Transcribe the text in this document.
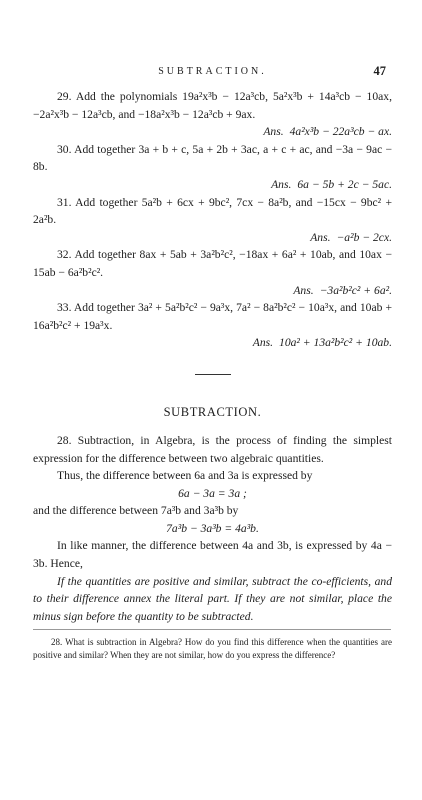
SUBTRACTION.	47

29. Add the polynomials 19a²x³b − 12a³cb, 5a²x³b + 14a³cb − 10ax, −2a²x³b − 12a³cb, and −18a²x³b − 12a³cb + 9ax.
Ans. 4a²x³b − 22a³cb − ax.

30. Add together 3a + b + c, 5a + 2b + 3ac, a + c + ac, and −3a − 9ac − 8b.
Ans. 6a − 5b + 2c − 5ac.

31. Add together 5a²b + 6cx + 9bc², 7cx − 8a²b, and −15cx − 9bc² + 2a²b.
Ans. −a²b − 2cx.

32. Add together 8ax + 5ab + 3a²b²c², −18ax + 6a² + 10ab, and 10ax − 15ab − 6a²b²c².
Ans. −3a²b²c² + 6a².

33. Add together 3a² + 5a²b²c² − 9a³x, 7a² − 8a²b²c² − 10a³x, and 10ab + 16a²b²c² + 19a³x.
Ans. 10a² + 13a²b²c² + 10ab.

SUBTRACTION.

28. Subtraction, in Algebra, is the process of finding the simplest expression for the difference between two algebraic quantities.

Thus, the difference between 6a and 3a is expressed by

6a − 3a = 3a ;

and the difference between 7a³b and 3a³b by

7a³b − 3a³b = 4a³b.

In like manner, the difference between 4a and 3b, is expressed by 4a − 3b. Hence,

If the quantities are positive and similar, subtract the co-efficients, and to their difference annex the literal part. If they are not similar, place the minus sign before the quantity to be subtracted.

28. What is subtraction in Algebra? How do you find this difference when the quantities are positive and similar? When they are not similar, how do you express the difference?
